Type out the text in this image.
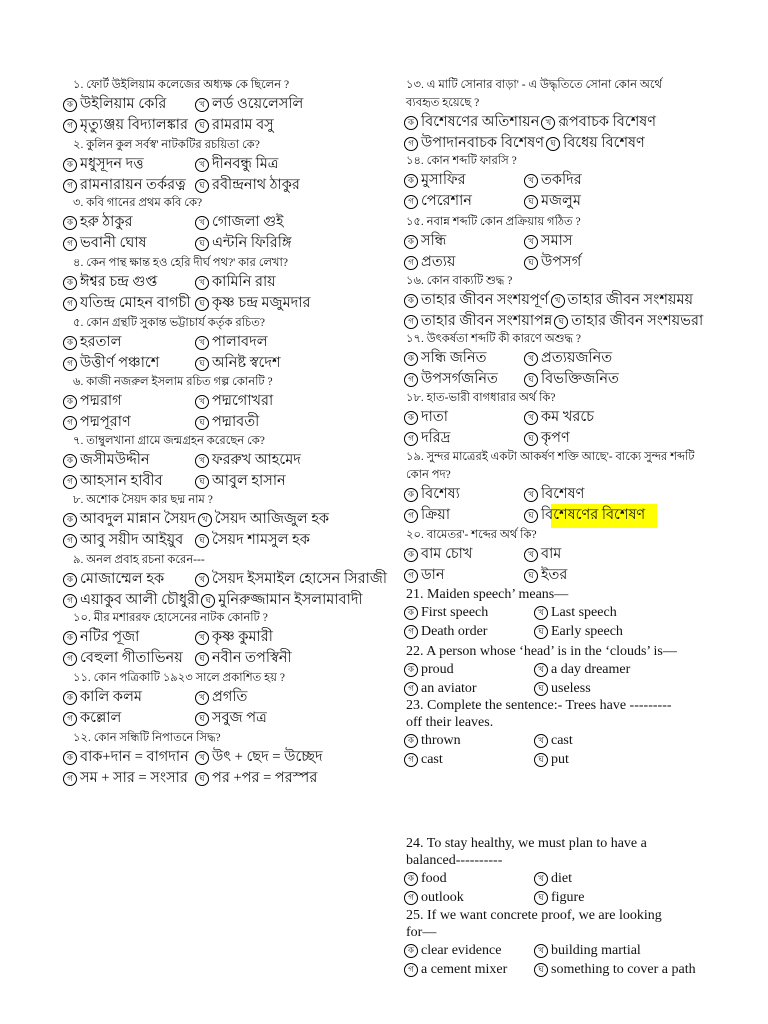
১. ফোর্ট উইলিয়াম কলেজের অধ্যক্ষ কে ছিলেন ?
ক উইলিয়াম কেরি	খ লর্ড ওয়েলেসলি
গ মৃত্যুঞ্জয় বিদ্যালঙ্কার	ঘ রামরাম বসু
২. কুলিন কুল সর্বস্ব' নাটকটির রচয়িতা কে?
ক মধুসূদন দত্ত	খ দীনবন্ধু মিত্র
গ রামনারায়ন তর্করত্ন	ঘ রবীন্দ্রনাথ ঠাকুর
৩. কবি গানের প্রথম কবি কে?
ক হরু ঠাকুর	খ গোজলা গুই
গ ভবানী ঘোষ	ঘ এন্টনি ফিরিঙ্গি
৪. কেন পান্থ ক্ষান্ত হও হেরি দীর্ঘ পথ?' কার লেখা?
ক ঈশ্বর চন্দ্র গুপ্ত	খ কামিনি রায়
গ যতিন্দ্র মোহন বাগচী	ঘ কৃষ্ণ চন্দ্র মজুমদার
৫. কোন গ্রন্থটি সুকান্ত ভট্টাচার্য কর্তৃক রচিত?
ক হরতাল	খ পালাবদল
গ উত্তীর্ণ পঞ্চাশে	ঘ অনিষ্ট স্বদেশ
৬. কাজী নজরুল ইসলাম রচিত গল্প কোনটি ?
ক পদ্মরাগ	খ পদ্মগোখরা
গ পদ্মপূরাণ	ঘ পদ্মাবতী
৭. তাম্বুলখানা গ্রামে জন্মগ্রহন করেছেন কে?
ক জসীমউদ্দীন	খ ফররুখ আহমেদ
গ আহসান হাবীব	ঘ আবুল হাসান
৮. অশোক সৈয়দ কার ছদ্ম নাম ?
ক আবদুল মান্নান সৈয়দ খ সৈয়দ আজিজুল হক
গ আবু সয়ীদ আইয়ুব	ঘ সৈয়দ শামসুল হক
৯. অনল প্রবাহ রচনা করেন---
ক মোজাম্মেল হক	খ সৈয়দ ইসমাইল হোসেন সিরাজী
গ এয়াকুব আলী চৌধুরী ঘ মুনিরুজ্জামান ইসলামাবাদী
১০. মীর মশাররফ হোসেনের নাটক কোনটি ?
ক নটির পূজা	খ কৃষ্ণ কুমারী
গ বেহুলা গীতাভিনয়	ঘ নবীন তপস্বিনী
১১. কোন পত্রিকাটি ১৯২৩ সালে প্রকাশিত হয় ?
ক কালি কলম	খ প্রগতি
গ কল্লোল	ঘ সবুজ পত্র
১২. কোন সন্ধিটি নিপাতনে সিদ্ধ?
ক বাক+দান = বাগদান	খ উৎ + ছেদ = উচ্ছেদ
গ সম + সার = সংসার	ঘ পর +পর = পরস্পর
১৩. এ মাটি সোনার বাড়া' - এ উদ্ধৃতিতে সোনা কোন অর্থে
ব্যবহৃত হয়েছে ?
ক বিশেষণের অতিশায়ন খ রূপবাচক বিশেষণ
গ উপাদানবাচক বিশেষণ ঘ বিধেয় বিশেষণ
১৪. কোন শব্দটি ফারসি ?
ক মুসাফির	খ তকদির
গ পেরেশান	ঘ মজলুম
১৫. নবান্ন শব্দটি কোন প্রক্রিয়ায় গঠিত ?
ক সন্ধি	খ সমাস
গ প্রত্যয়	ঘ উপসর্গ
১৬. কোন বাক্যটি শুদ্ধ ?
ক তাহার জীবন সংশয়পূর্ণ খ তাহার জীবন সংশয়ময়
গ তাহার জীবন সংশয়াপন্ন ঘ তাহার জীবন সংশয়ভরা
১৭. উৎকর্ষতা শব্দটি কী কারণে অশুদ্ধ ?
ক সন্ধি জনিত	খ প্রত্যয়জনিত
গ উপসর্গজনিত	ঘ বিভক্তিজনিত
১৮. হাত-ভারী বাগধারার অর্থ কি?
ক দাতা	খ কম খরচে
গ দরিদ্র	ঘ কৃপণ
১৯. সুন্দর মাত্রেরই একটা আকর্ষণ শক্তি আছে'- বাক্যে সুন্দর শব্দটি
কোন পদ?
ক বিশেষ্য	খ বিশেষণ
গ ক্রিয়া	ঘ বিশেষণের বিশেষণ
২০. বামেতর'- শব্দের অর্থ কি?
ক বাম চোখ	খ বাম
গ ডান	ঘ ইতর
21. Maiden speech’ means—
ক First speech	খ Last speech
গ Death order	ঘ Early speech
22. A person whose ‘head’ is in the ‘clouds’ is—
ক proud	খ a day dreamer
গ an aviator	ঘ useless
23. Complete the sentence:- Trees have ---------
off their leaves.
ক thrown	খ cast
গ cast	ঘ put
24. To stay healthy, we must plan to have a
balanced----------
ক food	খ diet
গ outlook	ঘ figure
25. If we want concrete proof, we are looking
for—
ক clear evidence	খ building martial
গ a cement mixer	ঘ something to cover a path
